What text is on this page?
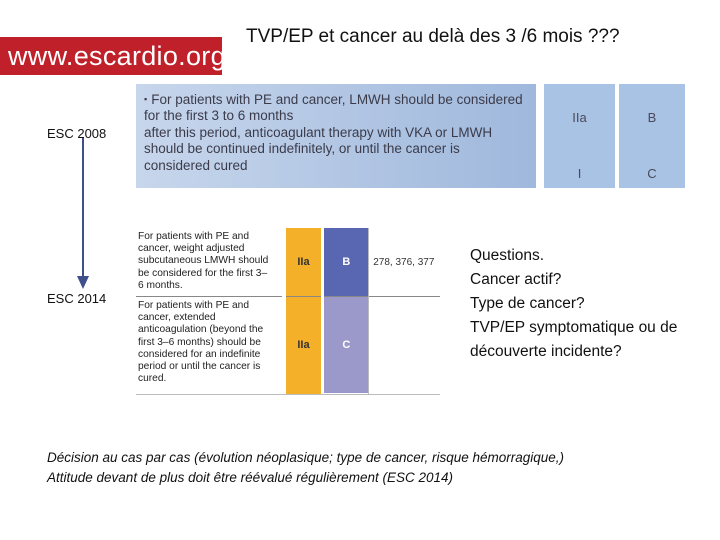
www.escardio.org
TVP/EP et cancer au delà des 3 /6 mois ???
▪ For patients with PE and cancer, LMWH should be considered
for the first 3 to 6 months
after this period, anticoagulant therapy with VKA or LMWH
should be continued indefinitely, or until the cancer is
considered cured
IIa
I
B
C
ESC 2008
ESC 2014
For patients with PE and
cancer, weight adjusted
subcutaneous LMWH should
be considered for the first 3–
6 months.
For patients with PE and
cancer, extended
anticoagulation (beyond the
first 3–6 months) should be
considered for an indefinite
period or until the cancer is
cured.
IIa
IIa
B
C
278, 376, 377	Questions.
Cancer actif?
Type de cancer?
TVP/EP symptomatique ou de
découverte incidente?
Décision au cas par cas (évolution néoplasique; type de cancer, risque hémorragique,)
Attitude devant de plus doit être réévalué régulièrement (ESC 2014)
